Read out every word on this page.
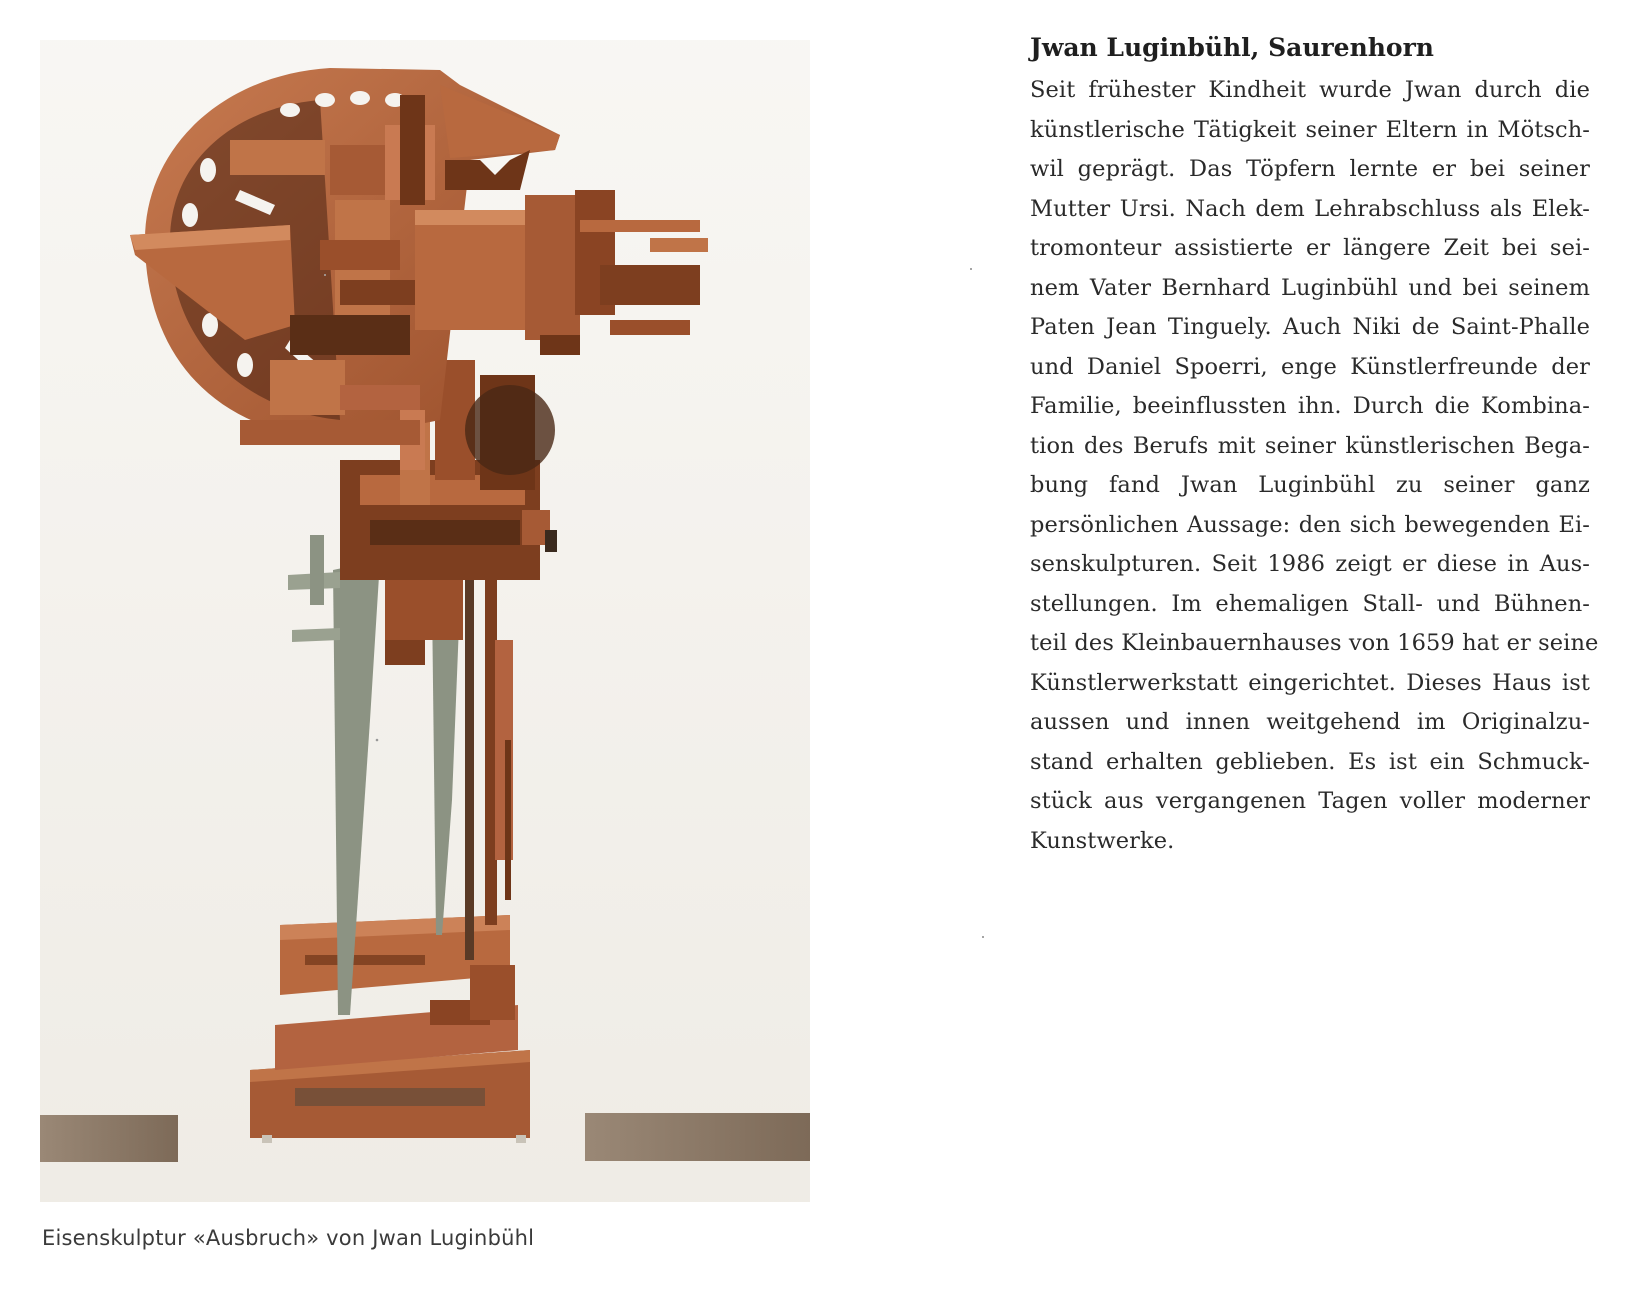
Eisenskulptur «Ausbruch» von Jwan Luginbühl
Jwan Luginbühl, Saurenhorn
Seit frühester Kindheit wurde Jwan durch die
künstlerische Tätigkeit seiner Eltern in Mötsch-
wil geprägt. Das Töpfern lernte er bei seiner
Mutter Ursi. Nach dem Lehrabschluss als Elek-
tromonteur assistierte er längere Zeit bei sei-
nem Vater Bernhard Luginbühl und bei seinem
Paten Jean Tinguely. Auch Niki de Saint-Phalle
und Daniel Spoerri, enge Künstlerfreunde der
Familie, beeinflussten ihn. Durch die Kombina-
tion des Berufs mit seiner künstlerischen Bega-
bung fand Jwan Luginbühl zu seiner ganz
persönlichen Aussage: den sich bewegenden Ei-
senskulpturen. Seit 1986 zeigt er diese in Aus-
stellungen. Im ehemaligen Stall- und Bühnen-
teil des Kleinbauernhauses von 1659 hat er seine
Künstlerwerkstatt eingerichtet. Dieses Haus ist
aussen und innen weitgehend im Originalzu-
stand erhalten geblieben. Es ist ein Schmuck-
stück aus vergangenen Tagen voller moderner
Kunstwerke.
